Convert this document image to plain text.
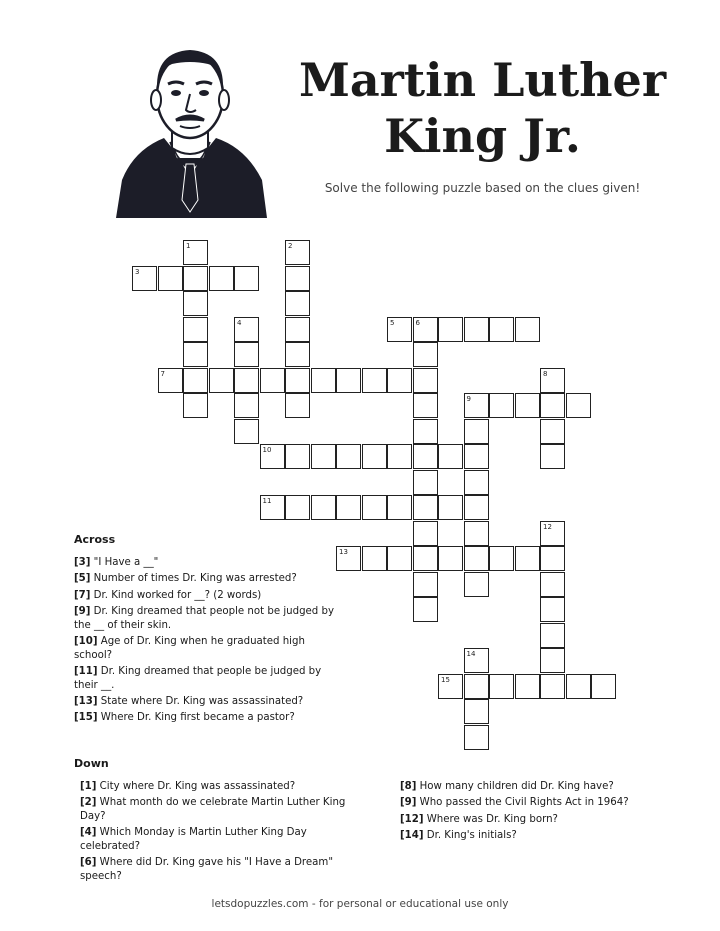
Martin Luther
King Jr.

Solve the following puzzle based on the clues given!

3
5
7
9
10
11
13
15
1	2
4	6
8
12
14

Across

[3] "I Have a __"
[5] Number of times Dr. King was arrested?
[7] Dr. Kind worked for __? (2 words)
[9] Dr. King dreamed that people not be judged by the __ of their skin.
[10] Age of Dr. King when he graduated high school?
[11] Dr. King dreamed that people be judged by their __.
[13] State where Dr. King was assassinated?
[15] Where Dr. King first became a pastor?

Down

[1] City where Dr. King was assassinated?
[2] What month do we celebrate Martin Luther King Day?
[4] Which Monday is Martin Luther King Day celebrated?
[6] Where did Dr. King gave his "I Have a Dream" speech?
[8] How many children did Dr. King have?
[9] Who passed the Civil Rights Act in 1964?
[12] Where was Dr. King born?
[14] Dr. King's initials?

letsdopuzzles.com - for personal or educational use only
